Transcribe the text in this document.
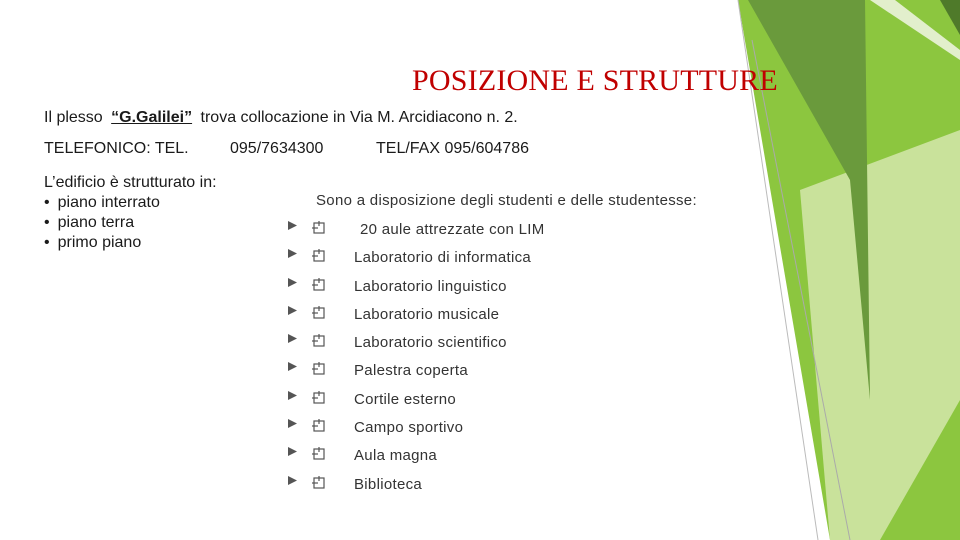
POSIZIONE E STRUTTURE
Il plesso “G.Galilei” trova collocazione in Via M. Arcidiacono n. 2.
TELEFONICO: TEL.	095/7634300	TEL/FAX 095/604786
L’edificio è strutturato in:
• piano interrato
• piano terra
• primo piano
Sono a disposizione degli studenti e delle studentesse:
20 aule attrezzate con LIM
Laboratorio di informatica
Laboratorio linguistico
Laboratorio musicale
Laboratorio scientifico
Palestra coperta
Cortile esterno
Campo sportivo
Aula magna
Biblioteca
